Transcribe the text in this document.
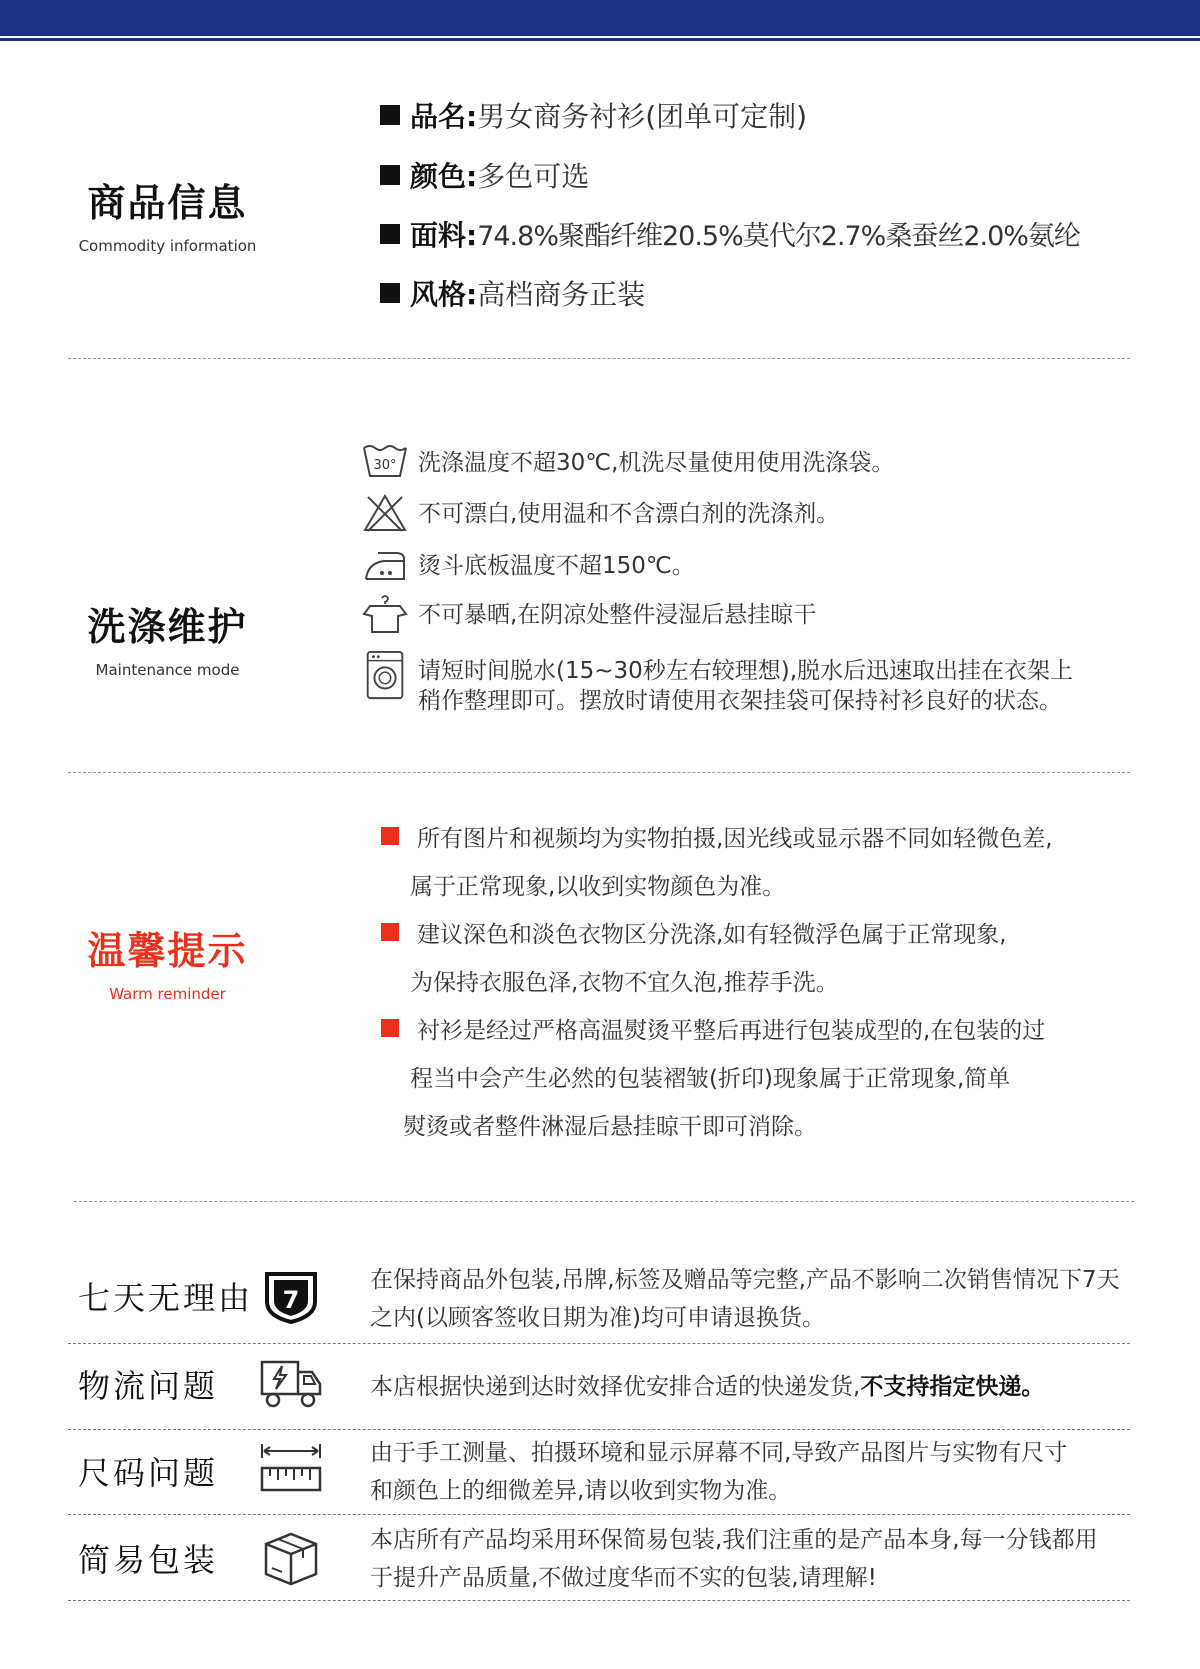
商品信息
Commodity information
品名:男女商务衬衫(团单可定制)
颜色:多色可选
面料:74.8%聚酯纤维20.5%莫代尔2.7%桑蚕丝2.0%氨纶
风格:高档商务正装
洗涤维护
Maintenance mode
30° 洗涤温度不超30℃,机洗尽量使用使用洗涤袋。
不可漂白,使用温和不含漂白剂的洗涤剂。
烫斗底板温度不超150℃。
不可暴晒,在阴凉处整件浸湿后悬挂晾干
请短时间脱水(15~30秒左右较理想),脱水后迅速取出挂在衣架上
稍作整理即可。摆放时请使用衣架挂袋可保持衬衫良好的状态。
温馨提示
Warm reminder
所有图片和视频均为实物拍摄,因光线或显示器不同如轻微色差,
属于正常现象,以收到实物颜色为准。
建议深色和淡色衣物区分洗涤,如有轻微浮色属于正常现象,
为保持衣服色泽,衣物不宜久泡,推荐手洗。
衬衫是经过严格高温熨烫平整后再进行包装成型的,在包装的过
程当中会产生必然的包装褶皱(折印)现象属于正常现象,简单
熨烫或者整件淋湿后悬挂晾干即可消除。
七天无理由 7
在保持商品外包装,吊牌,标签及赠品等完整,产品不影响二次销售情况下7天
之内(以顾客签收日期为准)均可申请退换货。
物流问题	本店根据快递到达时效择优安排合适的快递发货,不支持指定快递。
尺码问题
由于手工测量、拍摄环境和显示屏幕不同,导致产品图片与实物有尺寸
和颜色上的细微差异,请以收到实物为准。
简易包装
本店所有产品均采用环保简易包装,我们注重的是产品本身,每一分钱都用
于提升产品质量,不做过度华而不实的包装,请理解!
